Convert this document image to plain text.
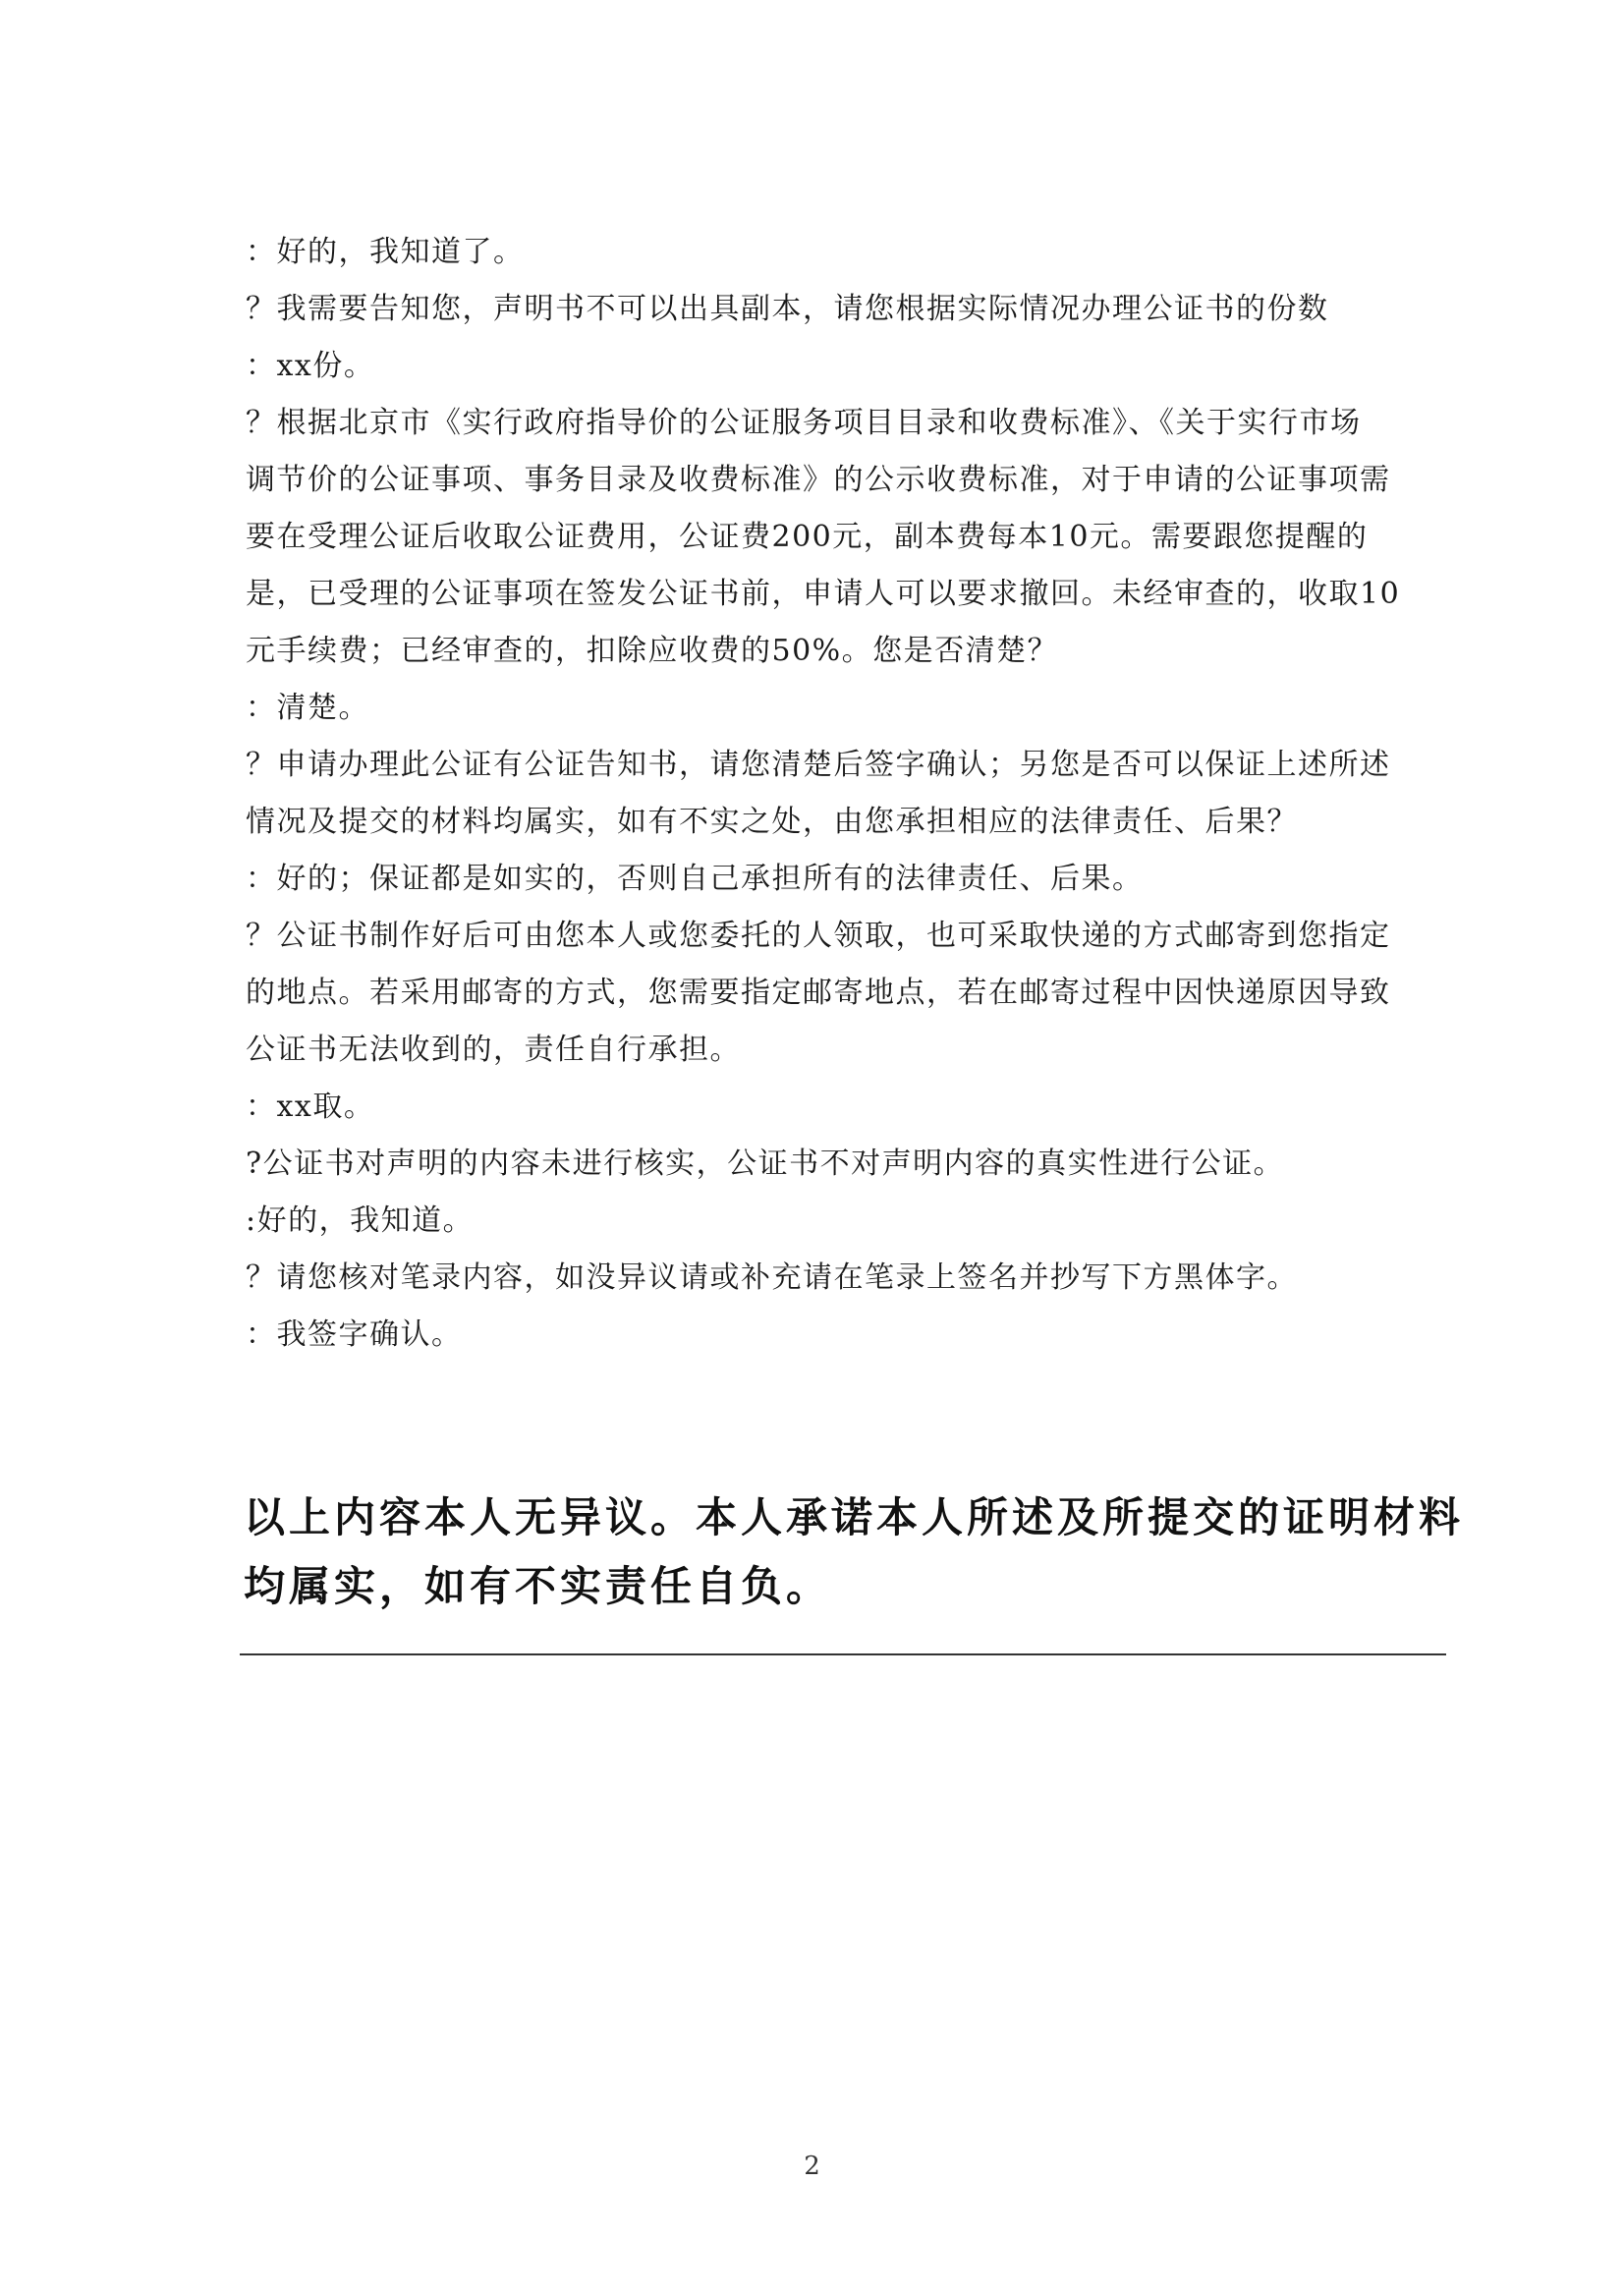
：好的，我知道了。
？我需要告知您，声明书不可以出具副本，请您根据实际情况办理公证书的份数
：xx份。
？根据北京市《实行政府指导价的公证服务项目目录和收费标准》、《关于实行市场
调节价的公证事项、事务目录及收费标准》的公示收费标准，对于申请的公证事项需
要在受理公证后收取公证费用，公证费200元，副本费每本10元。需要跟您提醒的
是，已受理的公证事项在签发公证书前，申请人可以要求撤回。未经审查的，收取10
元手续费；已经审查的，扣除应收费的50%。您是否清楚？
：清楚。
？申请办理此公证有公证告知书，请您清楚后签字确认；另您是否可以保证上述所述
情况及提交的材料均属实，如有不实之处，由您承担相应的法律责任、后果？
：好的；保证都是如实的，否则自己承担所有的法律责任、后果。
？公证书制作好后可由您本人或您委托的人领取，也可采取快递的方式邮寄到您指定
的地点。若采用邮寄的方式，您需要指定邮寄地点，若在邮寄过程中因快递原因导致
公证书无法收到的，责任自行承担。
：xx取。
?公证书对声明的内容未进行核实，公证书不对声明内容的真实性进行公证。
:好的，我知道。
？请您核对笔录内容，如没异议请或补充请在笔录上签名并抄写下方黑体字。
：我签字确认。
以上内容本人无异议。本人承诺本人所述及所提交的证明材料
均属实，如有不实责任自负。
2
